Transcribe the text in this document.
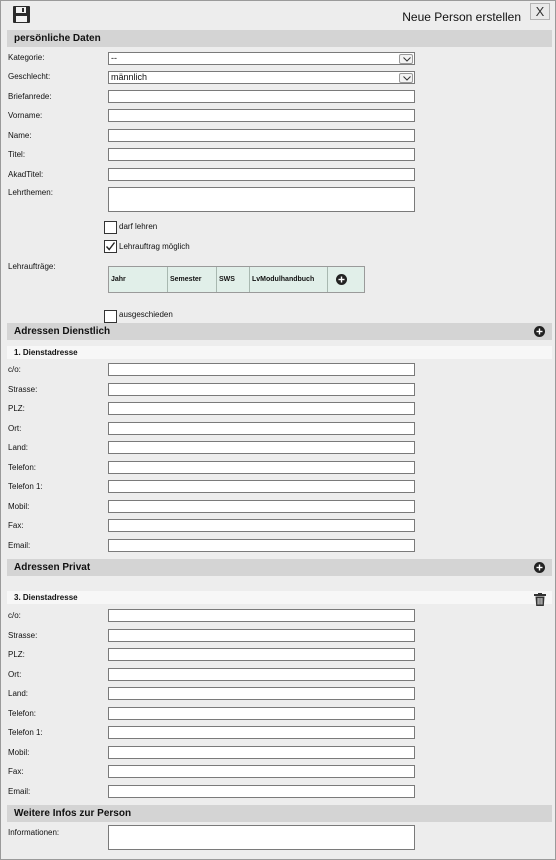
Neue Person erstellen	X
persönliche Daten
Kategorie:	--
Geschlecht:	männlich
Briefanrede:
Vorname:
Name:
Titel:
AkadTitel:
Lehrthemen:
darf lehren
Lehrauftrag möglich
Lehraufträge:
Jahr	Semester	SWS	LvModulhandbuch
ausgeschieden
Adressen Dienstlich
1. Dienstadresse
c/o:
Strasse:
PLZ:
Ort:
Land:
Telefon:
Telefon 1:
Mobil:
Fax:
Email:
Adressen Privat
3. Dienstadresse
c/o:
Strasse:
PLZ:
Ort:
Land:
Telefon:
Telefon 1:
Mobil:
Fax:
Email:
Weitere Infos zur Person
Informationen:
